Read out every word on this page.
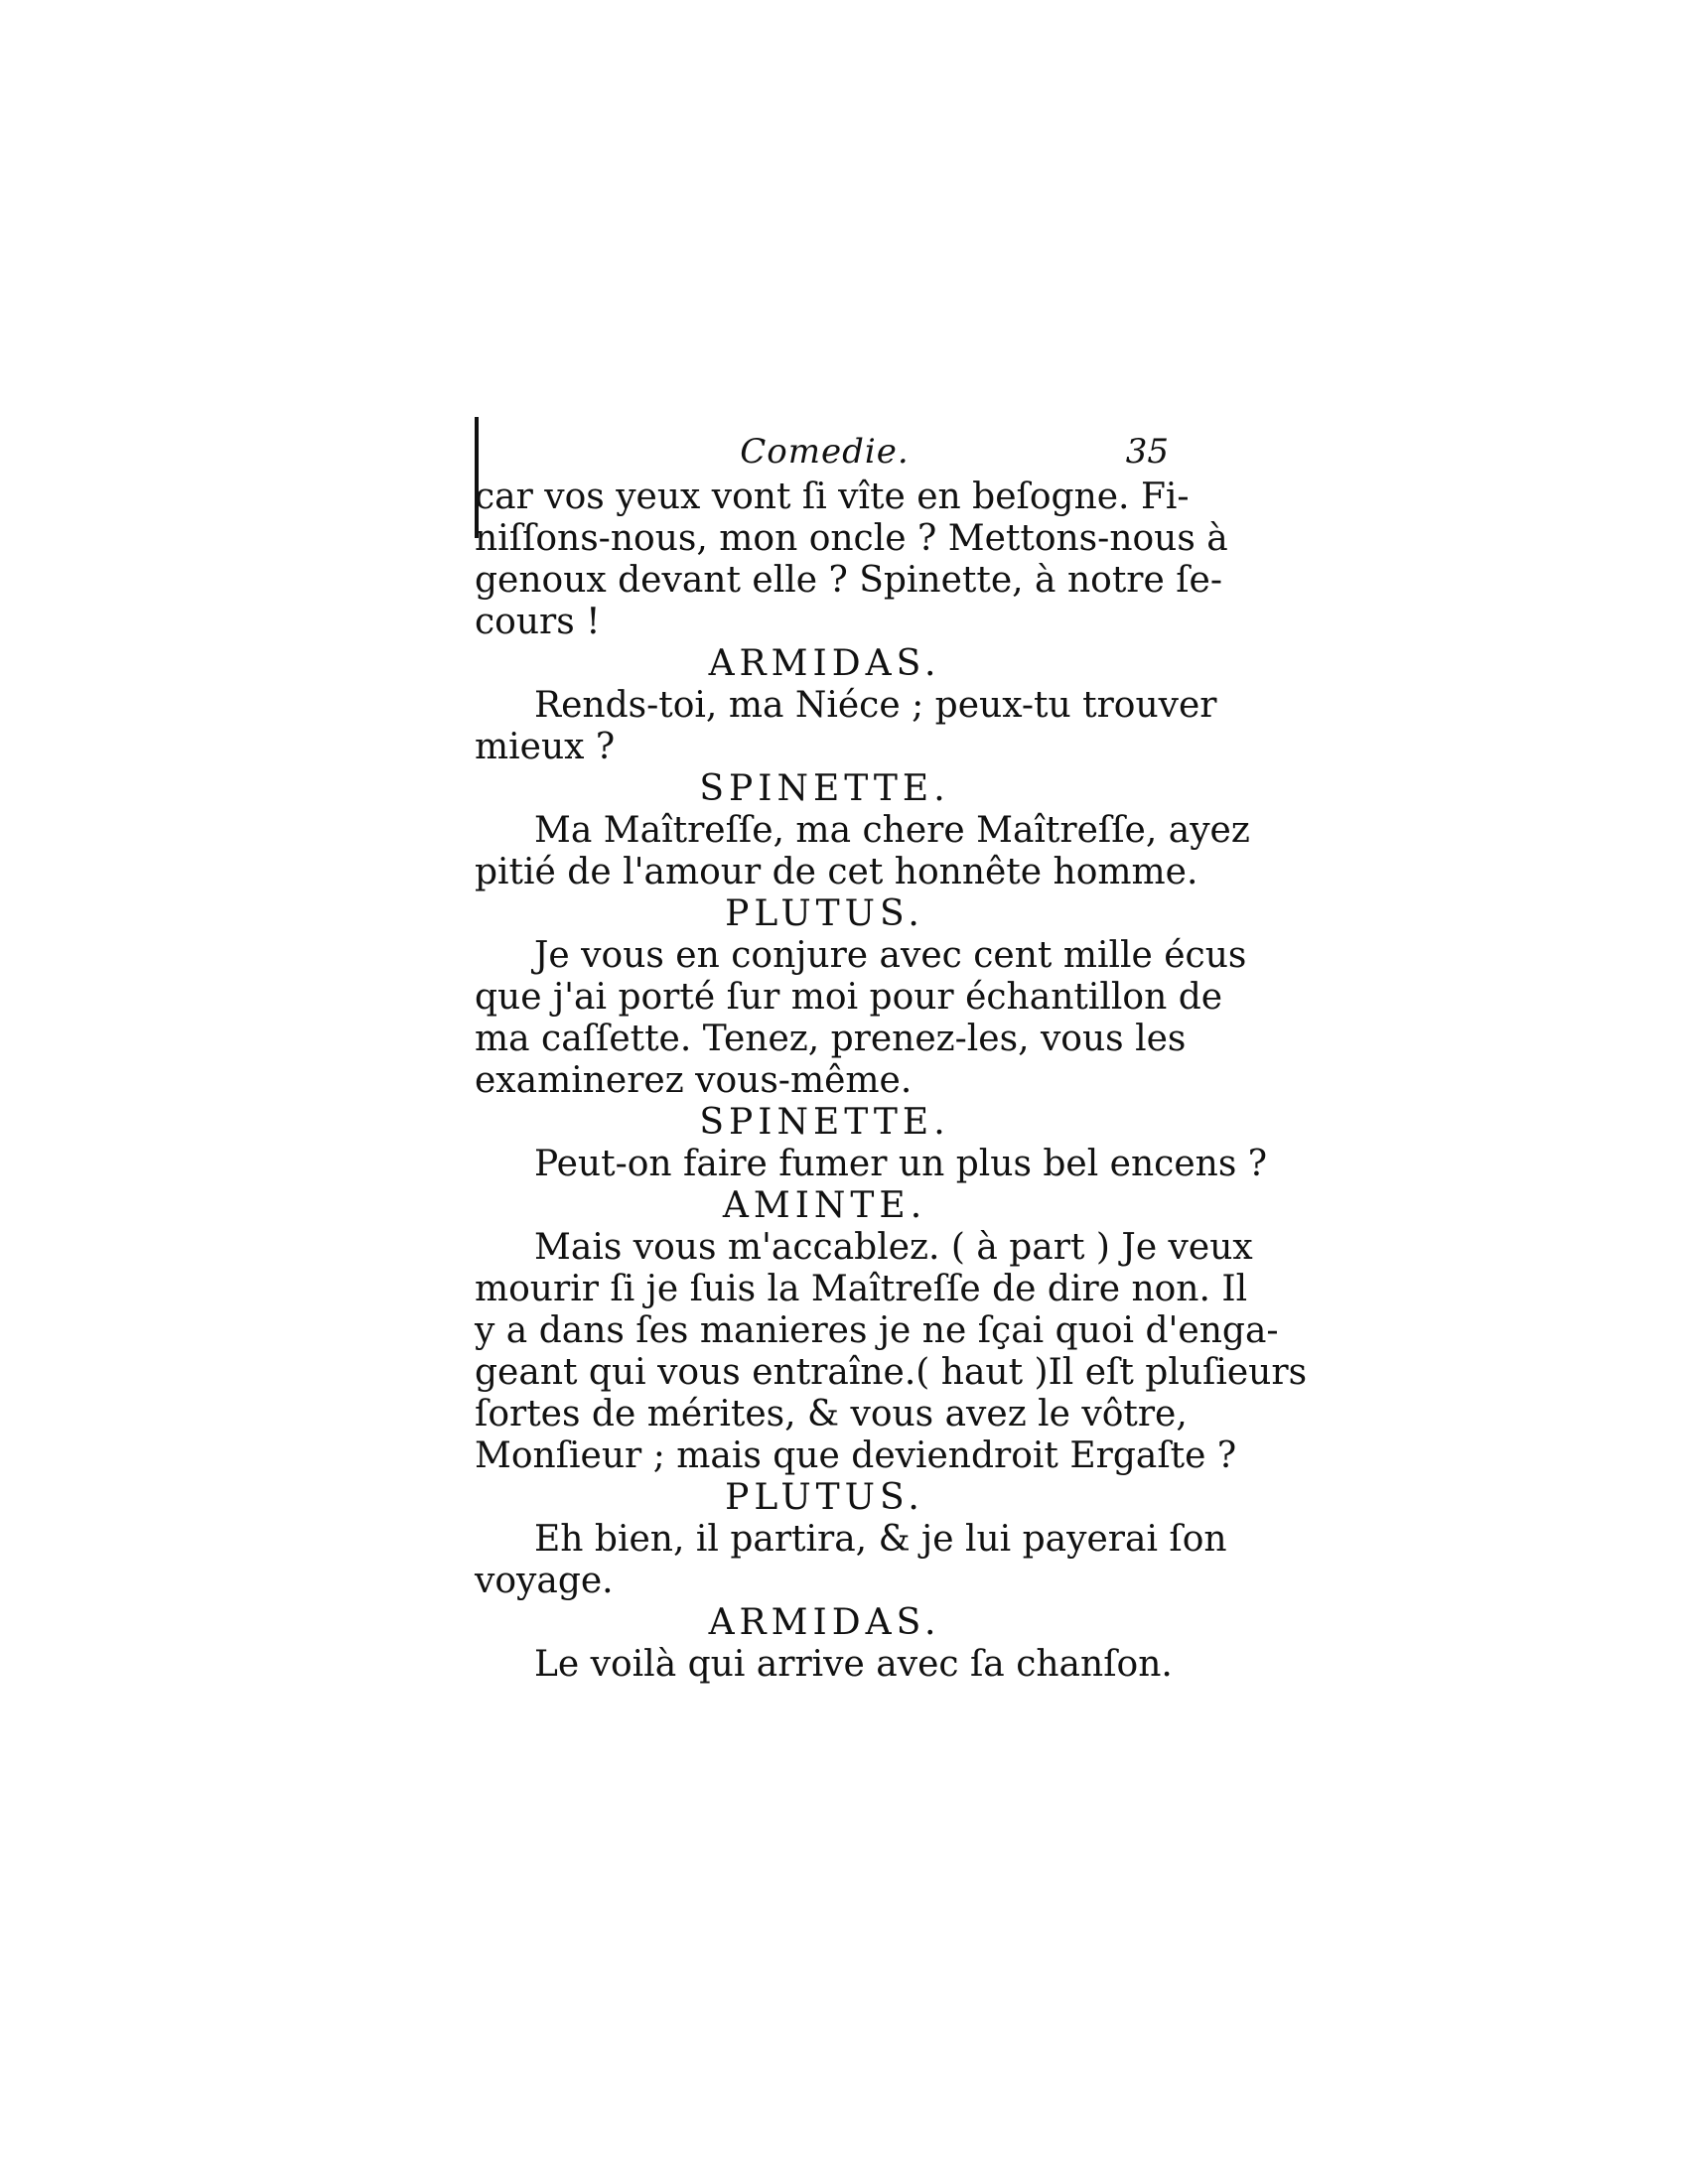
Comedie.	35
car vos yeux vont ſi vîte en beſogne. Fi-
niſſons-nous, mon oncle ? Mettons-nous à
genoux devant elle ? Spinette, à notre ſe-
cours !
ARMIDAS.
Rends-toi, ma Niéce ; peux-tu trouver
mieux ?
SPINETTE.
Ma Maîtreſſe, ma chere Maîtreſſe, ayez
pitié de l'amour de cet honnête homme.
PLUTUS.
Je vous en conjure avec cent mille écus
que j'ai porté ſur moi pour échantillon de
ma caſſette. Tenez, prenez-les, vous les
examinerez vous-même.
SPINETTE.
Peut-on faire fumer un plus bel encens ?
AMINTE.
Mais vous m'accablez. ( à part ) Je veux
mourir ſi je ſuis la Maîtreſſe de dire non. Il
y a dans ſes manieres je ne ſçai quoi d'enga-
geant qui vous entraîne.( haut )Il eſt pluſieurs
ſortes de mérites, & vous avez le vôtre,
Monſieur ; mais que deviendroit Ergaſte ?
PLUTUS.
Eh bien, il partira, & je lui payerai ſon
voyage.
ARMIDAS.
Le voilà qui arrive avec ſa chanſon.
